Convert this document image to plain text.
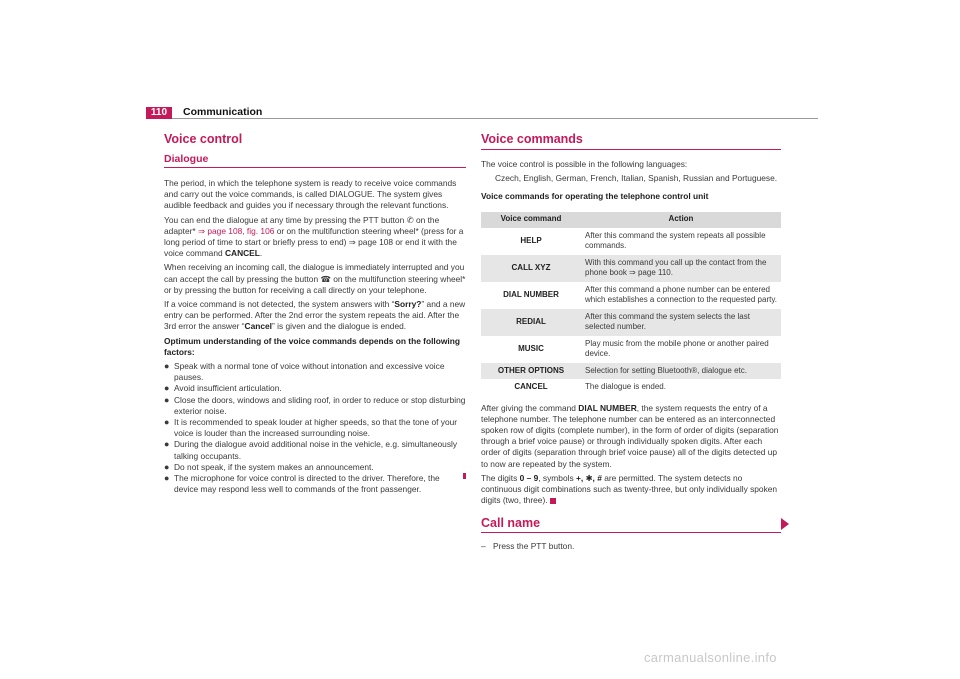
110	Communication
Voice control
Dialogue

The period, in which the telephone system is ready to receive voice commands and carry out the voice commands, is called DIALOGUE. The system gives audible feedback and guides you if necessary through the relevant functions.

You can end the dialogue at any time by pressing the PTT button ✆ on the adapter* ⇒ page 108, fig. 106 or on the multifunction steering wheel* (press for a long period of time to start or briefly press to end) ⇒ page 108 or end it with the voice command CANCEL.

When receiving an incoming call, the dialogue is immediately interrupted and you can accept the call by pressing the button ☎ on the multifunction steering wheel* or by pressing the button for receiving a call directly on your telephone.

If a voice command is not detected, the system answers with “Sorry?” and a new entry can be performed. After the 2nd error the system repeats the aid. After the 3rd error the answer “Cancel” is given and the dialogue is ended.

Optimum understanding of the voice commands depends on the following factors:

● Speak with a normal tone of voice without intonation and excessive voice pauses.
● Avoid insufficient articulation.
● Close the doors, windows and sliding roof, in order to reduce or stop disturbing exterior noise.
● It is recommended to speak louder at higher speeds, so that the tone of your voice is louder than the increased surrounding noise.
● During the dialogue avoid additional noise in the vehicle, e.g. simultaneously talking occupants.
● Do not speak, if the system makes an announcement.
● The microphone for voice control is directed to the driver. Therefore, the device may respond less well to commands of the front passenger.
Voice commands

The voice control is possible in the following languages:

Czech, English, German, French, Italian, Spanish, Russian and Portuguese.

Voice commands for operating the telephone control unit

Voice command	Action
HELP	After this command the system repeats all possible commands.
CALL XYZ	With this command you call up the contact from the phone book ⇒ page 110.
DIAL NUMBER	After this command a phone number can be entered which establishes a connection to the requested party.
REDIAL	After this command the system selects the last selected number.
MUSIC	Play music from the mobile phone or another paired device.
OTHER OPTIONS	Selection for setting Bluetooth®, dialogue etc.
CANCEL	The dialogue is ended.

After giving the command DIAL NUMBER, the system requests the entry of a telephone number. The telephone number can be entered as an interconnected spoken row of digits (complete number), in the form of order of digits (separation through a brief voice pause) or through individually spoken digits. After each order of digits (separation through brief voice pause) all of the digits detected up to now are repeated by the system.

The digits 0 – 9, symbols +, ✱, # are permitted. The system detects no continuous digit combinations such as twenty-three, but only individually spoken digits (two, three).

Call name
– Press the PTT button.
carmanualsonline.info
